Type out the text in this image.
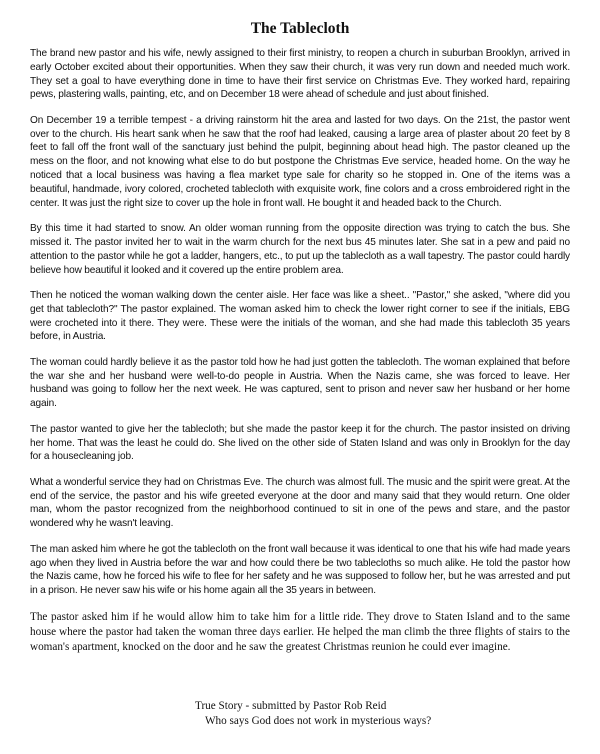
The Tablecloth

The brand new pastor and his wife, newly assigned to their first ministry, to reopen a church in suburban Brooklyn, arrived in early October excited about their opportunities. When they saw their church, it was very run down and needed much work. They set a goal to have everything done in time to have their first service on Christmas Eve. They worked hard, repairing pews, plastering walls, painting, etc, and on December 18 were ahead of schedule and just about finished.

On December 19 a terrible tempest - a driving rainstorm hit the area and lasted for two days. On the 21st, the pastor went over to the church. His heart sank when he saw that the roof had leaked, causing a large area of plaster about 20 feet by 8 feet to fall off the front wall of the sanctuary just behind the pulpit, beginning about head high. The pastor cleaned up the mess on the floor, and not knowing what else to do but postpone the Christmas Eve service, headed home. On the way he noticed that a local business was having a flea market type sale for charity so he stopped in. One of the items was a beautiful, handmade, ivory colored, crocheted tablecloth with exquisite work, fine colors and a cross embroidered right in the center. It was just the right size to cover up the hole in front wall. He bought it and headed back to the Church.

By this time it had started to snow. An older woman running from the opposite direction was trying to catch the bus. She missed it. The pastor invited her to wait in the warm church for the next bus 45 minutes later. She sat in a pew and paid no attention to the pastor while he got a ladder, hangers, etc., to put up the tablecloth as a wall tapestry. The pastor could hardly believe how beautiful it looked and it covered up the entire problem area.

Then he noticed the woman walking down the center aisle. Her face was like a sheet.. "Pastor," she asked, "where did you get that tablecloth?" The pastor explained. The woman asked him to check the lower right corner to see if the initials, EBG were crocheted into it there. They were. These were the initials of the woman, and she had made this tablecloth 35 years before, in Austria.

The woman could hardly believe it as the pastor told how he had just gotten the tablecloth. The woman explained that before the war she and her husband were well-to-do people in Austria. When the Nazis came, she was forced to leave. Her husband was going to follow her the next week. He was captured, sent to prison and never saw her husband or her home again.

The pastor wanted to give her the tablecloth; but she made the pastor keep it for the church. The pastor insisted on driving her home. That was the least he could do. She lived on the other side of Staten Island and was only in Brooklyn for the day for a housecleaning job.

What a wonderful service they had on Christmas Eve. The church was almost full. The music and the spirit were great. At the end of the service, the pastor and his wife greeted everyone at the door and many said that they would return. One older man, whom the pastor recognized from the neighborhood continued to sit in one of the pews and stare, and the pastor wondered why he wasn't leaving.

The man asked him where he got the tablecloth on the front wall because it was identical to one that his wife had made years ago when they lived in Austria before the war and how could there be two tablecloths so much alike. He told the pastor how the Nazis came, how he forced his wife to flee for her safety and he was supposed to follow her, but he was arrested and put in a prison. He never saw his wife or his home again all the 35 years in between.

The pastor asked him if he would allow him to take him for a little ride. They drove to Staten Island and to the same house where the pastor had taken the woman three days earlier. He helped the man climb the three flights of stairs to the woman's apartment, knocked on the door and he saw the greatest Christmas reunion he could ever imagine.

True Story - submitted by Pastor Rob Reid

Who says God does not work in mysterious ways?
